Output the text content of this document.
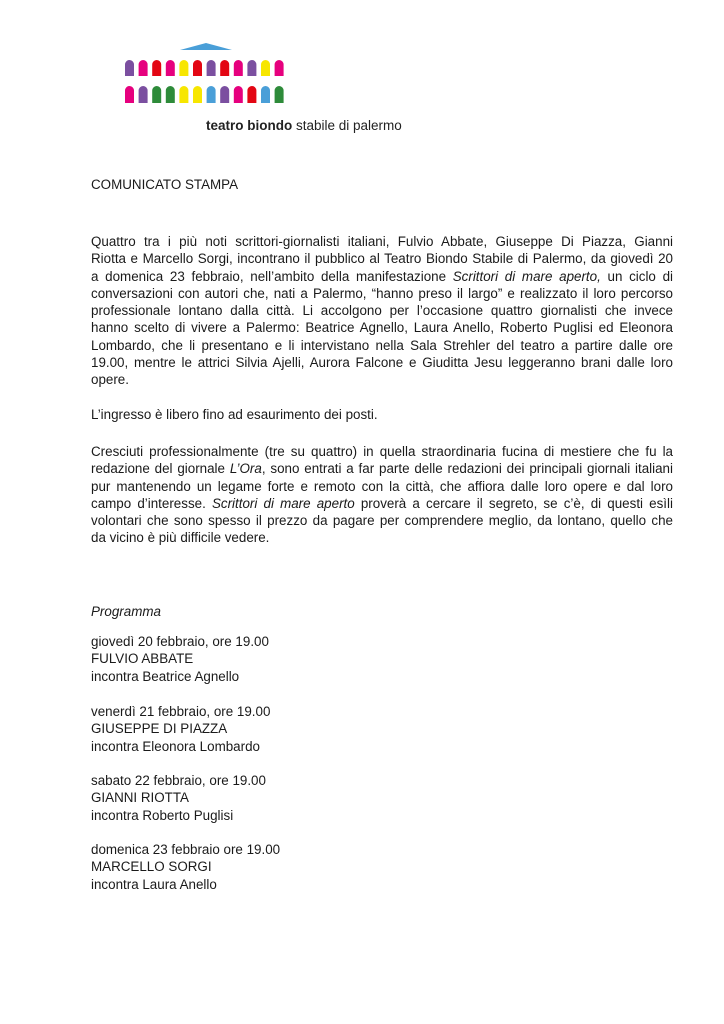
teatro biondo stabile di palermo
COMUNICATO STAMPA
Quattro tra i più noti scrittori-giornalisti italiani, Fulvio Abbate, Giuseppe Di Piazza, Gianni
Riotta e Marcello Sorgi, incontrano il pubblico al Teatro Biondo Stabile di Palermo, da giovedì 20
a domenica 23 febbraio, nell’ambito della manifestazione Scrittori di mare aperto, un ciclo di
conversazioni con autori che, nati a Palermo, “hanno preso il largo” e realizzato il loro percorso
professionale lontano dalla città. Li accolgono per l’occasione quattro giornalisti che invece
hanno scelto di vivere a Palermo: Beatrice Agnello, Laura Anello, Roberto Puglisi ed Eleonora
Lombardo, che li presentano e li intervistano nella Sala Strehler del teatro a partire dalle ore
19.00, mentre le attrici Silvia Ajelli, Aurora Falcone e Giuditta Jesu leggeranno brani dalle loro
opere.
L’ingresso è libero fino ad esaurimento dei posti.
Cresciuti professionalmente (tre su quattro) in quella straordinaria fucina di mestiere che fu la
redazione del giornale L’Ora, sono entrati a far parte delle redazioni dei principali giornali italiani
pur mantenendo un legame forte e remoto con la città, che affiora dalle loro opere e dal loro
campo d’interesse. Scrittori di mare aperto proverà a cercare il segreto, se c’è, di questi esìli
volontari che sono spesso il prezzo da pagare per comprendere meglio, da lontano, quello che
da vicino è più difficile vedere.
Programma
giovedì 20 febbraio, ore 19.00
FULVIO ABBATE
incontra Beatrice Agnello
venerdì 21 febbraio, ore 19.00
GIUSEPPE DI PIAZZA
incontra Eleonora Lombardo
sabato 22 febbraio, ore 19.00
GIANNI RIOTTA
incontra Roberto Puglisi
domenica 23 febbraio ore 19.00
MARCELLO SORGI
incontra Laura Anello
